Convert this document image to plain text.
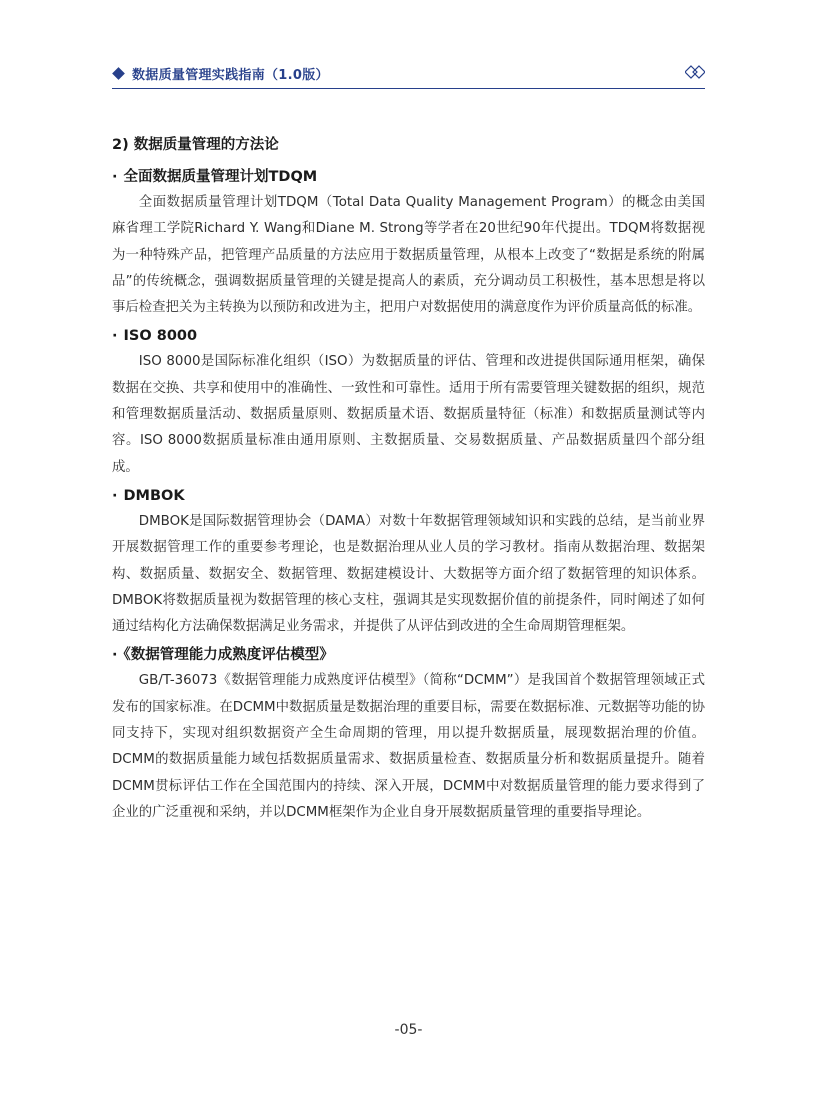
数据质量管理实践指南（1.0版）
2) 数据质量管理的方法论
· 全面数据质量管理计划TDQM

全面数据质量管理计划TDQM（Total Data Quality Management Program）的概念由美国麻省理工学院Richard Y. Wang和Diane M. Strong等学者在20世纪90年代提出。TDQM将数据视为一种特殊产品，把管理产品质量的方法应用于数据质量管理，从根本上改变了“数据是系统的附属品”的传统概念，强调数据质量管理的关键是提高人的素质，充分调动员工积极性，基本思想是将以事后检查把关为主转换为以预防和改进为主，把用户对数据使用的满意度作为评价质量高低的标准。

· ISO 8000

ISO 8000是国际标准化组织（ISO）为数据质量的评估、管理和改进提供国际通用框架，确保数据在交换、共享和使用中的准确性、一致性和可靠性。适用于所有需要管理关键数据的组织，规范和管理数据质量活动、数据质量原则、数据质量术语、数据质量特征（标准）和数据质量测试等内容。ISO 8000数据质量标准由通用原则、主数据质量、交易数据质量、产品数据质量四个部分组成。

· DMBOK

DMBOK是国际数据管理协会（DAMA）对数十年数据管理领域知识和实践的总结，是当前业界开展数据管理工作的重要参考理论，也是数据治理从业人员的学习教材。指南从数据治理、数据架构、数据质量、数据安全、数据管理、数据建模设计、大数据等方面介绍了数据管理的知识体系。DMBOK将数据质量视为数据管理的核心支柱，强调其是实现数据价值的前提条件，同时阐述了如何通过结构化方法确保数据满足业务需求，并提供了从评估到改进的全生命周期管理框架。

· 《数据管理能力成熟度评估模型》

GB/T-36073《数据管理能力成熟度评估模型》（简称“DCMM”）是我国首个数据管理领域正式发布的国家标准。在DCMM中数据质量是数据治理的重要目标，需要在数据标准、元数据等功能的协同支持下，实现对组织数据资产全生命周期的管理，用以提升数据质量，展现数据治理的价值。DCMM的数据质量能力域包括数据质量需求、数据质量检查、数据质量分析和数据质量提升。随着DCMM贯标评估工作在全国范围内的持续、深入开展，DCMM中对数据质量管理的能力要求得到了企业的广泛重视和采纳，并以DCMM框架作为企业自身开展数据质量管理的重要指导理论。

-05-
